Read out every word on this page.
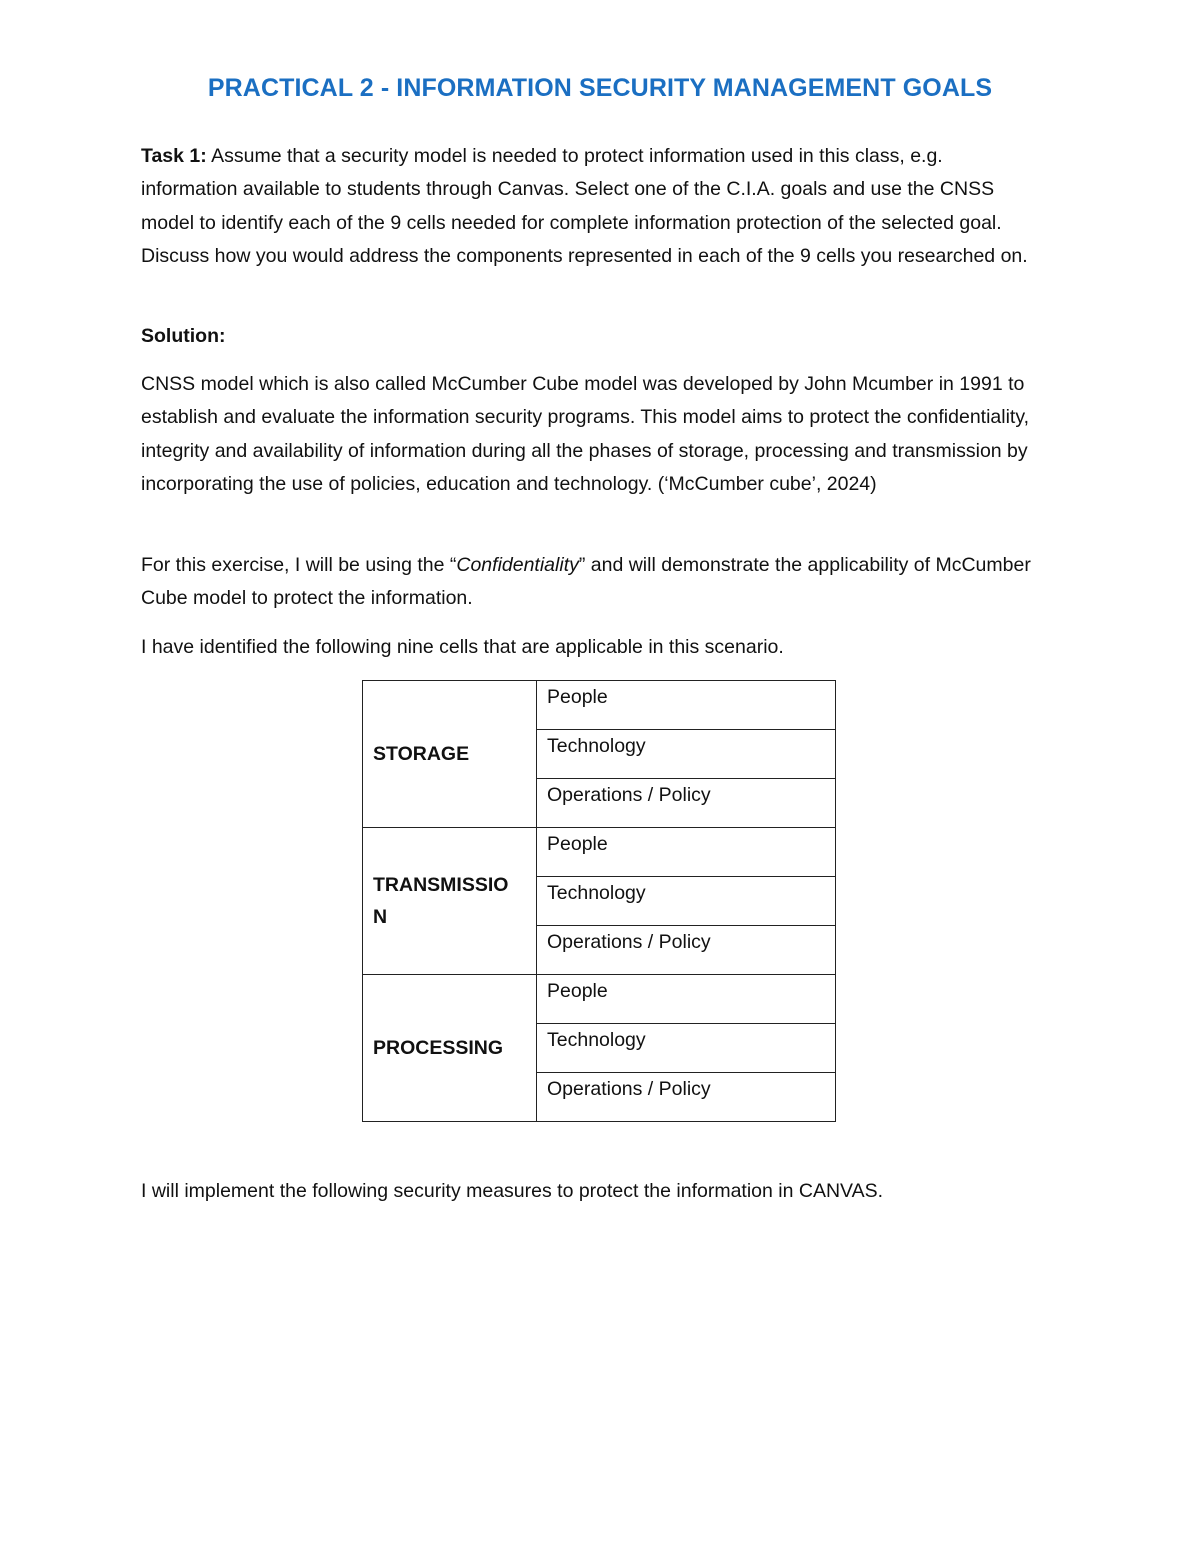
PRACTICAL 2 - INFORMATION SECURITY MANAGEMENT GOALS

Task 1: Assume that a security model is needed to protect information used in this class, e.g. information available to students through Canvas. Select one of the C.I.A. goals and use the CNSS model to identify each of the 9 cells needed for complete information protection of the selected goal. Discuss how you would address the components represented in each of the 9 cells you researched on.

Solution:

CNSS model which is also called McCumber Cube model was developed by John Mcumber in 1991 to establish and evaluate the information security programs. This model aims to protect the confidentiality, integrity and availability of information during all the phases of storage, processing and transmission by incorporating the use of policies, education and technology. (‘McCumber cube’, 2024)

For this exercise, I will be using the “Confidentiality” and will demonstrate the applicability of McCumber Cube model to protect the information.

I have identified the following nine cells that are applicable in this scenario.

STORAGE	People
	Technology
	Operations / Policy

TRANSMISSION	People
	Technology
	Operations / Policy

PROCESSING	People
	Technology
	Operations / Policy

I will implement the following security measures to protect the information in CANVAS.
